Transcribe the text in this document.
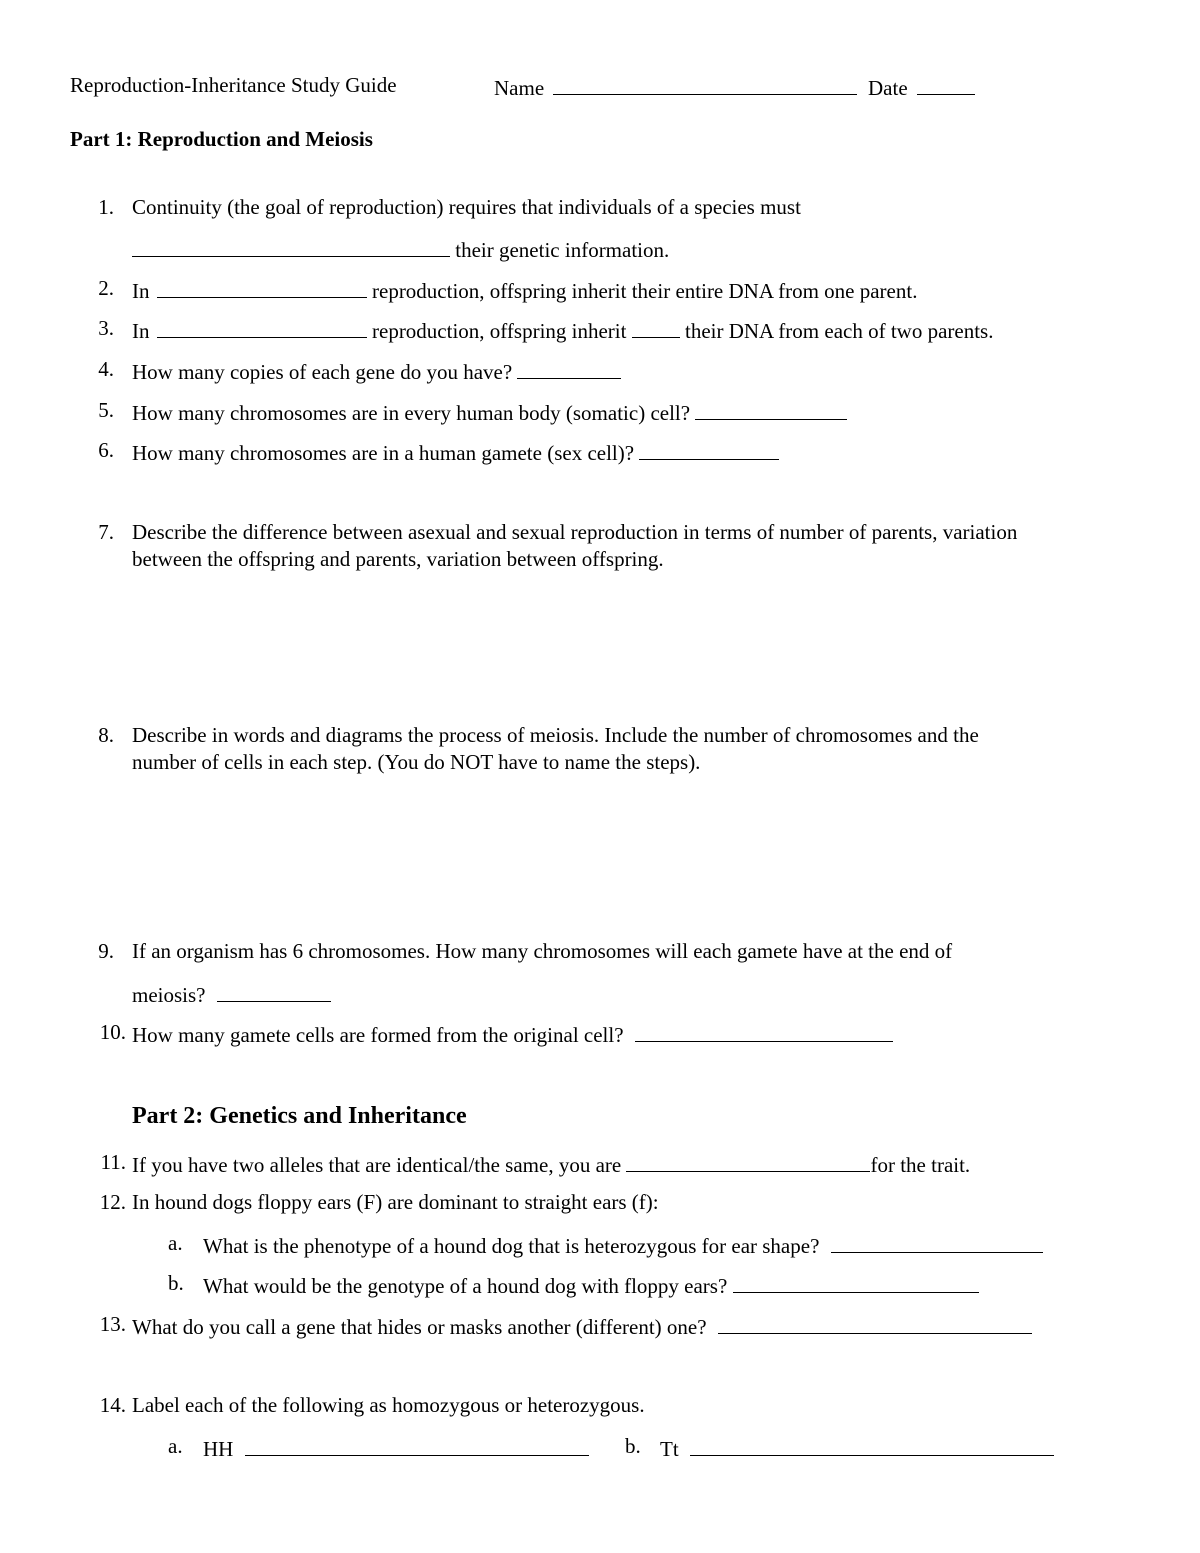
Reproduction-Inheritance Study Guide	Name	Date
Part 1: Reproduction and Meiosis
1. Continuity (the goal of reproduction) requires that individuals of a species must
their genetic information.
2. In	reproduction, offspring inherit their entire DNA from one parent.
3. In	reproduction, offspring inherit	their DNA from each of two parents.
4. How many copies of each gene do you have?
5. How many chromosomes are in every human body (somatic) cell?
6. How many chromosomes are in a human gamete (sex cell)?
7. Describe the difference between asexual and sexual reproduction in terms of number of parents, variation
between the offspring and parents, variation between offspring.
8. Describe in words and diagrams the process of meiosis. Include the number of chromosomes and the
number of cells in each step. (You do NOT have to name the steps).
9. If an organism has 6 chromosomes. How many chromosomes will each gamete have at the end of
meiosis?
10. How many gamete cells are formed from the original cell?
Part 2: Genetics and Inheritance
11. If you have two alleles that are identical/the same, you are	for the trait.
12. In hound dogs floppy ears (F) are dominant to straight ears (f):
a. What is the phenotype of a hound dog that is heterozygous for ear shape?
b. What would be the genotype of a hound dog with floppy ears?
13. What do you call a gene that hides or masks another (different) one?
14. Label each of the following as homozygous or heterozygous.
a. HH	b. Tt
